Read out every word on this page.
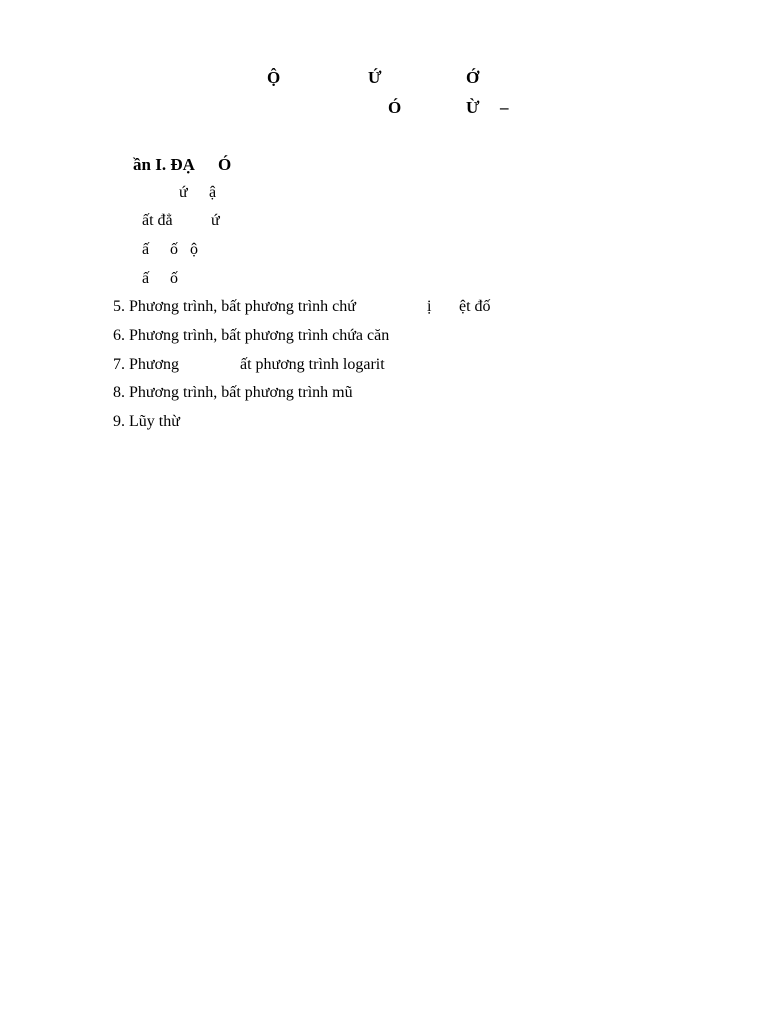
Ộ	Ứ	Ớ
Ó	Ừ –
ần I. ĐẠ Ó
ứ ậ
ất đẳ ứ
ấ ố ộ
ấ ố
5. Phương trình, bất phương trình chứ	ị ệt đố
6. Phương trình, bất phương trình chứa căn
7. Phương	ất phương trình logarit
8. Phương trình, bất phương trình mũ
9. Lũy thừ
